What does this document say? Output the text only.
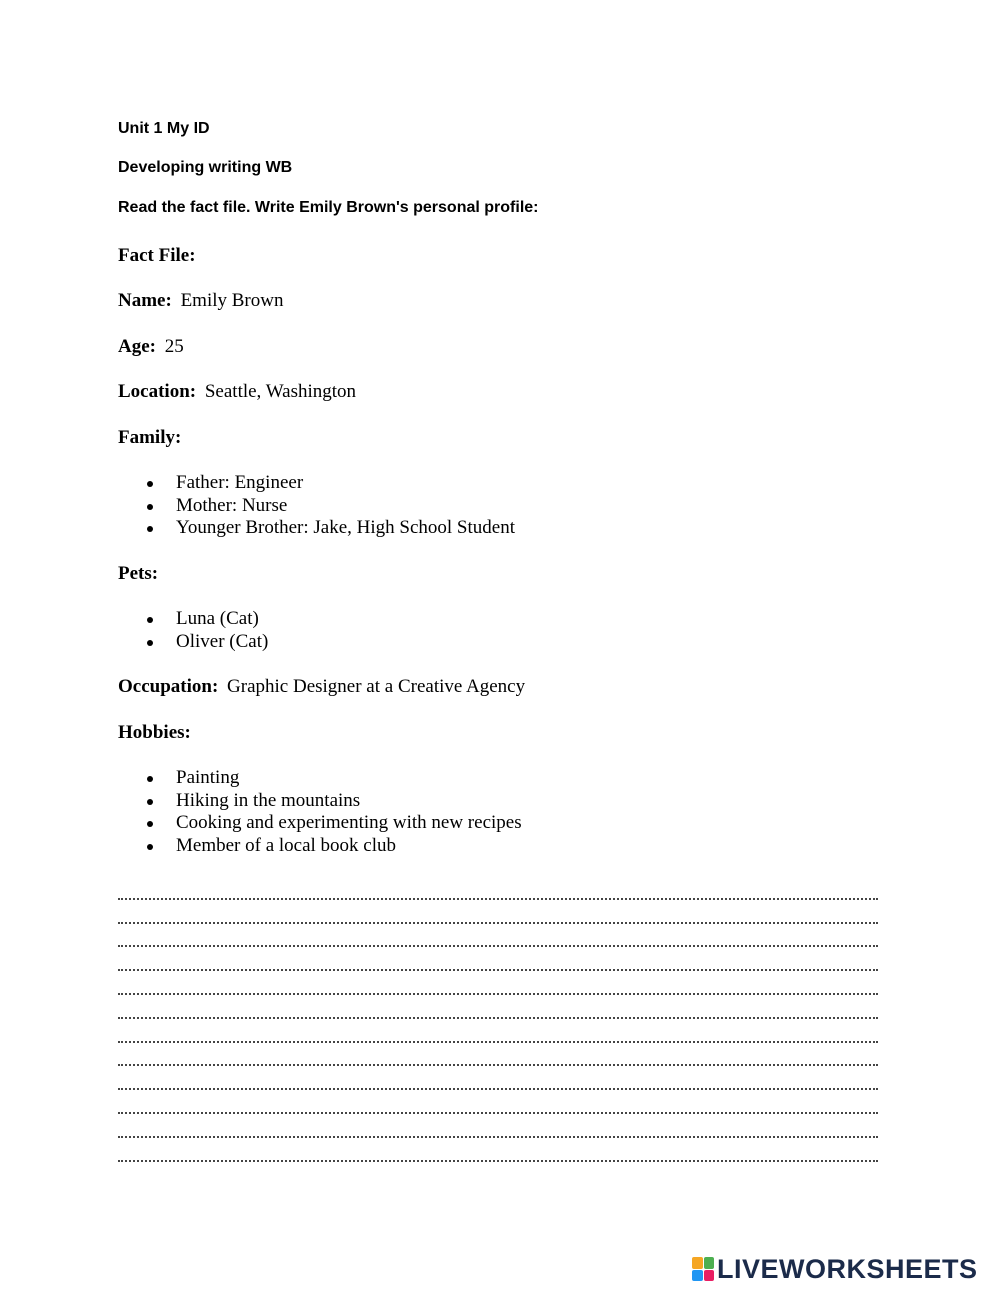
Unit 1 My ID
Developing writing WB
Read the fact file. Write Emily Brown's personal profile:
Fact File:
Name: Emily Brown
Age: 25
Location: Seattle, Washington
Family:
Father: Engineer
Mother: Nurse
Younger Brother: Jake, High School Student
Pets:
Luna (Cat)
Oliver (Cat)
Occupation: Graphic Designer at a Creative Agency
Hobbies:
Painting
Hiking in the mountains
Cooking and experimenting with new recipes
Member of a local book club
LIVEWORKSHEETS
